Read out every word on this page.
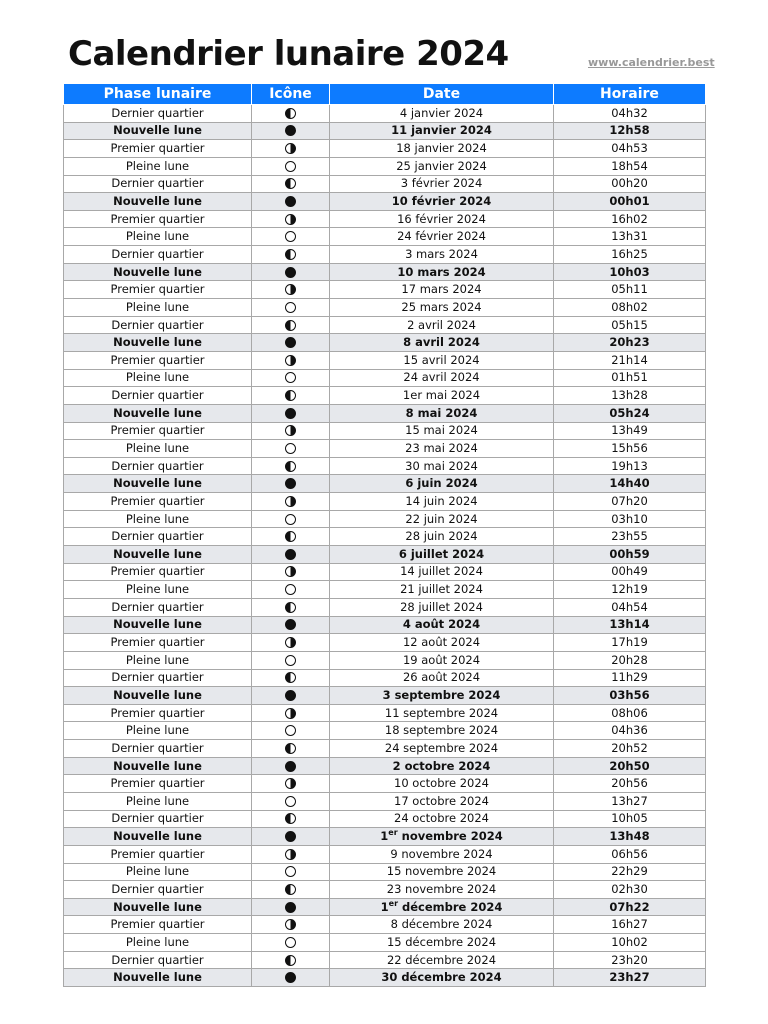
Calendrier lunaire 2024	www.calendrier.best
Phase lunaire	Icône	Date	Horaire
Dernier quartier		4 janvier 2024	04h32
Nouvelle lune		11 janvier 2024	12h58
Premier quartier		18 janvier 2024	04h53
Pleine lune		25 janvier 2024	18h54
Dernier quartier		3 février 2024	00h20
Nouvelle lune		10 février 2024	00h01
Premier quartier		16 février 2024	16h02
Pleine lune		24 février 2024	13h31
Dernier quartier		3 mars 2024	16h25
Nouvelle lune		10 mars 2024	10h03
Premier quartier		17 mars 2024	05h11
Pleine lune		25 mars 2024	08h02
Dernier quartier		2 avril 2024	05h15
Nouvelle lune		8 avril 2024	20h23
Premier quartier		15 avril 2024	21h14
Pleine lune		24 avril 2024	01h51
Dernier quartier		1er mai 2024	13h28
Nouvelle lune		8 mai 2024	05h24
Premier quartier		15 mai 2024	13h49
Pleine lune		23 mai 2024	15h56
Dernier quartier		30 mai 2024	19h13
Nouvelle lune		6 juin 2024	14h40
Premier quartier		14 juin 2024	07h20
Pleine lune		22 juin 2024	03h10
Dernier quartier		28 juin 2024	23h55
Nouvelle lune		6 juillet 2024	00h59
Premier quartier		14 juillet 2024	00h49
Pleine lune		21 juillet 2024	12h19
Dernier quartier		28 juillet 2024	04h54
Nouvelle lune		4 août 2024	13h14
Premier quartier		12 août 2024	17h19
Pleine lune		19 août 2024	20h28
Dernier quartier		26 août 2024	11h29
Nouvelle lune		3 septembre 2024	03h56
Premier quartier		11 septembre 2024	08h06
Pleine lune		18 septembre 2024	04h36
Dernier quartier		24 septembre 2024	20h52
Nouvelle lune		2 octobre 2024	20h50
Premier quartier		10 octobre 2024	20h56
Pleine lune		17 octobre 2024	13h27
Dernier quartier		24 octobre 2024	10h05
Nouvelle lune		1er novembre 2024	13h48
Premier quartier		9 novembre 2024	06h56
Pleine lune		15 novembre 2024	22h29
Dernier quartier		23 novembre 2024	02h30
Nouvelle lune		1er décembre 2024	07h22
Premier quartier		8 décembre 2024	16h27
Pleine lune		15 décembre 2024	10h02
Dernier quartier		22 décembre 2024	23h20
Nouvelle lune		30 décembre 2024	23h27
